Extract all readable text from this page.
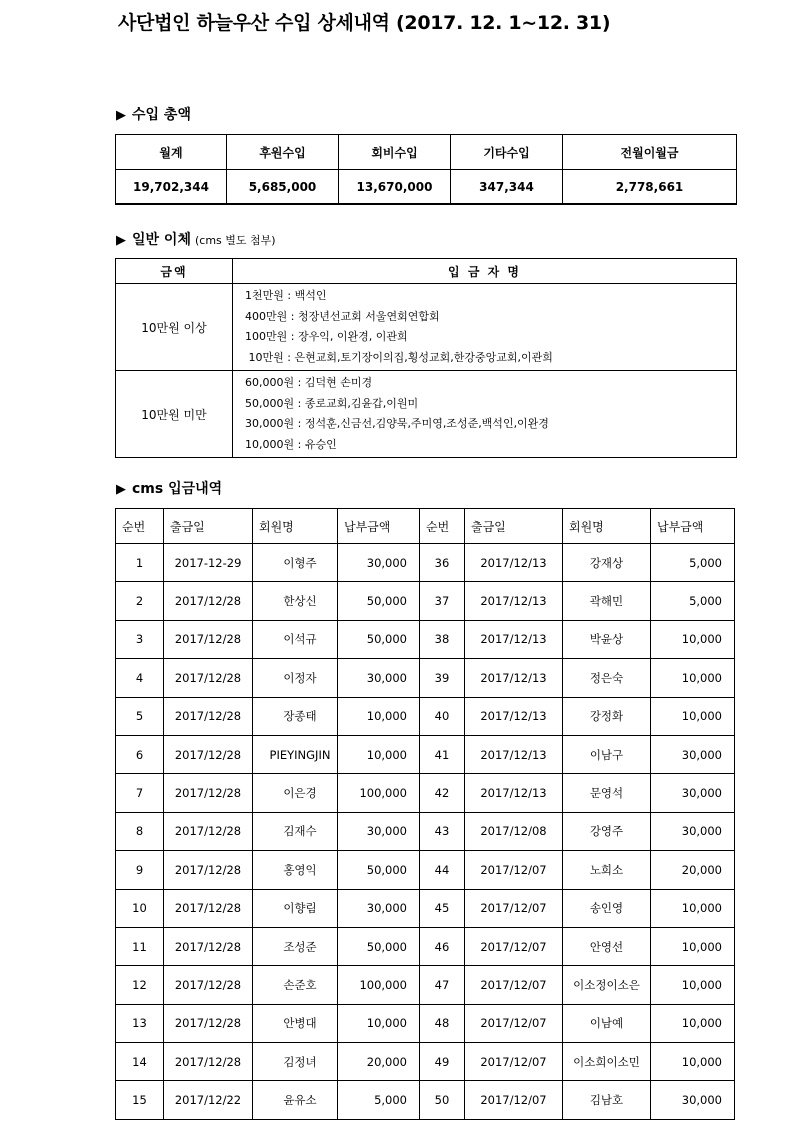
사단법인 하늘우산 수입 상세내역 (2017. 12. 1~12. 31)
▶ 수입 총액
월계	후원수입	회비수입	기타수입	전월이월금
19,702,344	5,685,000	13,670,000	347,344	2,778,661
▶ 일반 이체 (cms 별도 첨부)
금액	입 금 자 명
10만원 이상	1천만원 : 백석인
400만원 : 청장년선교회 서울연회연합회
100만원 : 장우익, 이완경, 이관희
10만원 : 은현교회,토기장이의집,횡성교회,한강중앙교회,이관희

10만원 미만	60,000원 : 김덕현 손미경
50,000원 : 종로교회,김윤갑,이원미
30,000원 : 정석훈,신금선,김양묵,주미영,조성준,백석인,이완경
10,000원 : 유승인
▶ cms 입금내역
순번	출금일	회원명	납부금액	순번	출금일	회원명	납부금액
1	2017-12-29	이형주	30,000	36	2017/12/13	강재상	5,000
2	2017/12/28	한상신	50,000	37	2017/12/13	곽해민	5,000
3	2017/12/28	이석규	50,000	38	2017/12/13	박윤상	10,000
4	2017/12/28	이정자	30,000	39	2017/12/13	정은숙	10,000
5	2017/12/28	장종태	10,000	40	2017/12/13	강정화	10,000
6	2017/12/28	PIEYINGJIN	10,000	41	2017/12/13	이남구	30,000
7	2017/12/28	이은경	100,000	42	2017/12/13	문영석	30,000
8	2017/12/28	김재수	30,000	43	2017/12/08	강영주	30,000
9	2017/12/28	홍영익	50,000	44	2017/12/07	노희소	20,000
10	2017/12/28	이향림	30,000	45	2017/12/07	송인영	10,000
11	2017/12/28	조성준	50,000	46	2017/12/07	안영선	10,000
12	2017/12/28	손준호	100,000	47	2017/12/07	이소정이소은	10,000
13	2017/12/28	안병대	10,000	48	2017/12/07	이남예	10,000
14	2017/12/28	김정녀	20,000	49	2017/12/07	이소희이소민	10,000
15	2017/12/22	윤유소	5,000	50	2017/12/07	김남호	30,000
